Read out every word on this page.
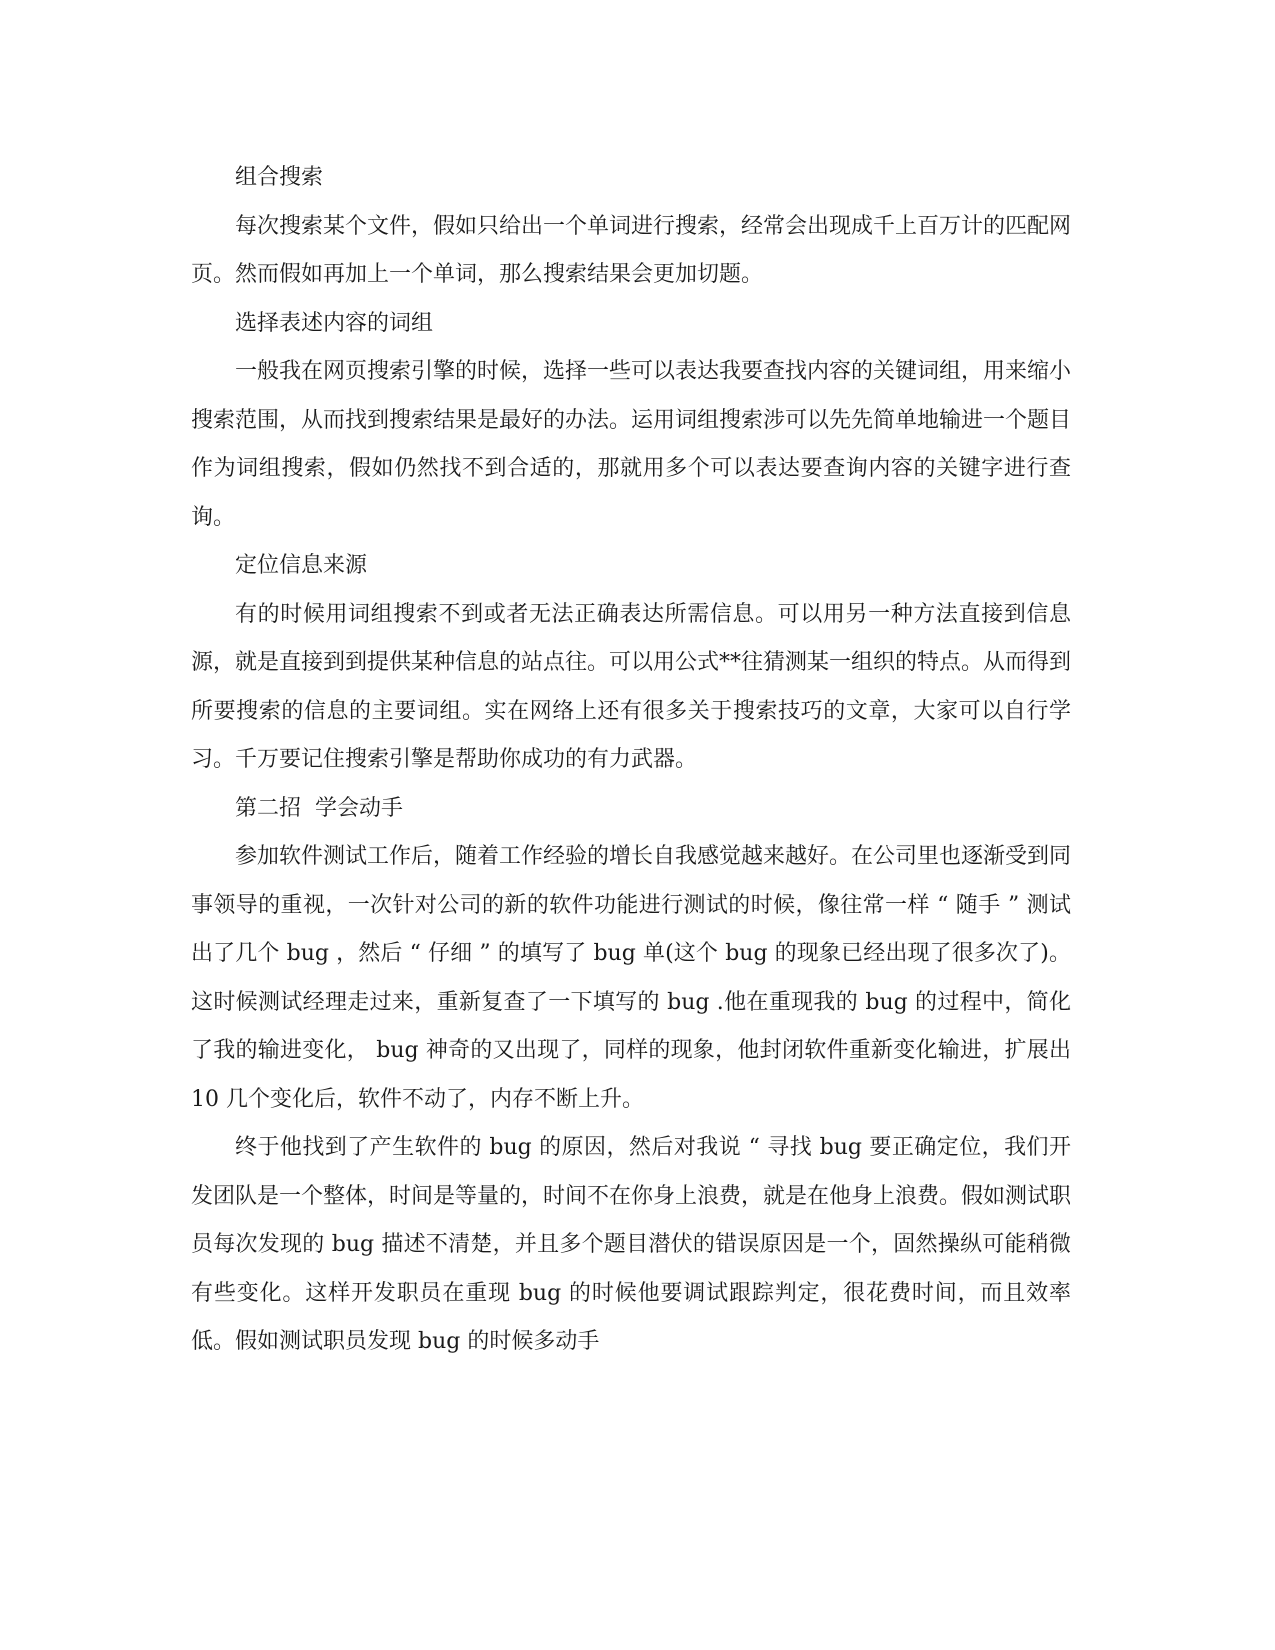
组合搜索

每次搜索某个文件，假如只给出一个单词进行搜索，经常会出现成千上百万计的匹配网页。然而假如再加上一个单词，那么搜索结果会更加切题。

选择表述内容的词组

一般我在网页搜索引擎的时候，选择一些可以表达我要查找内容的关键词组，用来缩小搜索范围，从而找到搜索结果是最好的办法。运用词组搜索涉可以先先简单地输进一个题目作为词组搜索，假如仍然找不到合适的，那就用多个可以表达要查询内容的关键字进行查询。

定位信息来源

有的时候用词组搜索不到或者无法正确表达所需信息。可以用另一种方法直接到信息源，就是直接到到提供某种信息的站点往。可以用公式**往猜测某一组织的特点。从而得到所要搜索的信息的主要词组。实在网络上还有很多关于搜索技巧的文章，大家可以自行学习。千万要记住搜索引擎是帮助你成功的有力武器。

第二招  学会动手

参加软件测试工作后，随着工作经验的增长自我感觉越来越好。在公司里也逐渐受到同事领导的重视，一次针对公司的新的软件功能进行测试的时候，像往常一样 “ 随手 ” 测试出了几个 bug ，然后 “ 仔细 ” 的填写了 bug 单(这个 bug 的现象已经出现了很多次了)。这时候测试经理走过来，重新复查了一下填写的 bug .他在重现我的 bug 的过程中，简化了我的输进变化， bug 神奇的又出现了，同样的现象，他封闭软件重新变化输进，扩展出 10 几个变化后，软件不动了，内存不断上升。

终于他找到了产生软件的 bug 的原因，然后对我说 “ 寻找 bug 要正确定位，我们开发团队是一个整体，时间是等量的，时间不在你身上浪费，就是在他身上浪费。假如测试职员每次发现的 bug 描述不清楚，并且多个题目潜伏的错误原因是一个，固然操纵可能稍微有些变化。这样开发职员在重现 bug 的时候他要调试跟踪判定，很花费时间，而且效率低。假如测试职员发现 bug 的时候多动手
